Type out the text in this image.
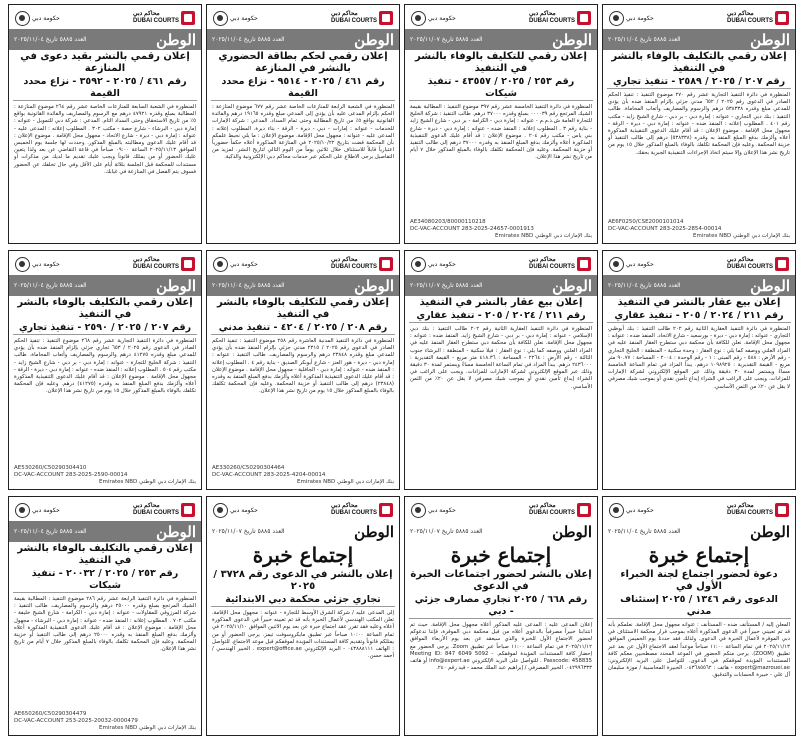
محاكم دبي
DUBAI COURTS
حكومة دبي
الوطن
العدد ٥٨٨٥ تاريخ ٢٠٢٥/١١/٠٤
إعلان رقمي بالتكليف بالوفاء بالنشر في التنفيذ
رقم ٢٠٧ / ٢٠٢٥ / ٢٥٨٩ - تنفيذ تجاري
المنظورة في دائرة التنفيذ التجارية عشر رقم ٢٧٠ موضوع التنفيذ : تنفيذ الحكم الصادر في الدعوى رقم ٢٠٢٥ / ٦٥٢ مدني جزئي بإلزام المنفذ ضده بأن يؤدي للمدعي مبلغ وقدره ٥٣٨٣٣٨ درهم والرسوم والمصاريف وأتعاب المحاماة. طالب التنفيذ : بنك دبي التجاري - عنوانه : إمارة دبي - بر دبي - شارع الشيخ زايد - مكتب رقم ٤٠١ . المطلوب إعلانه : المنفذ ضده - عنوانه : إمارة دبي - ديرة - الرقة - مجهول محل الإقامة . موضوع الإعلان : قد أقام عليك الدعوى التنفيذية المذكورة أعلاه وألزمك بدفع المبلغ المنفذ به وقدره (٥٣٨٣٣٨) درهم إلى طالب التنفيذ أو خزينة المحكمة. وعليه فإن المحكمة تكلفك بالوفاء بالمبلغ المذكور خلال ١٥ يوم من تاريخ نشر هذا الإعلان وإلا سيتم اتخاذ الإجراءات التنفيذية الجبرية بحقك.
AE6F0250/CSE2000101014
DC-VAC-ACCOUNT 283-2025-2854-00014
بنك الإمارات دبي الوطني Emirates NBD
محاكم دبي
DUBAI COURTS
حكومة دبي
الوطن
العدد ٥٨٨٥ تاريخ ٢٠٢٥/١١/٠٧
إعلان رقمي للتكليف بالوفاء بالنشر في التنفيذ
رقم ٢٥٣ / ٢٠٢٥ / ٤٣٥٥٧ - تنفيذ شيكات
المنظورة في دائرة التنفيذ الخامسة عشر رقم ٣٩٧ موضوع التنفيذ : المطالبة بقيمة الشيك المرتجع رقم ٠٠٠٠٣٩ بمبلغ وقدره ٣٧٠٠٠ درهم. طالب التنفيذ : شركة الخليج للتجارة العامة ش.ذ.م.م - عنوانه : إمارة دبي - الكرامة - بر دبي - شارع الشيخ زايد - بناية رقم ٣ . المطلوب إعلانه : المنفذ ضده - عنوانه : إمارة دبي - ديرة - شارع بني ياس - مكتب رقم ٢٠٤ . موضوع الإعلان : قد أقام عليك الدعوى التنفيذية المذكورة أعلاه وألزمك بدفع المبلغ المنفذ به وقدره ٣٧٠٠٠ درهم إلى طالب التنفيذ أو خزينة المحكمة. وعليه فإن المحكمة تكلفك بالوفاء بالمبلغ المذكور خلال ٧ أيام من تاريخ نشر هذا الإعلان.
AE34080203/80000110218
DC-VAC-ACCOUNT 283-2025-24657-0001913
بنك الإمارات دبي الوطني Emirates NBD
محاكم دبي
DUBAI COURTS
حكومة دبي
الوطن
العدد ٥٨٨٥ تاريخ ٢٠٢٥/١١/٠٤
إعلان رقمي لحكم بطاقة الحضوري بالنشر في المنازعة
رقم ٤٦١ / ٢٠٢٥ - ٩٥١٤ - نزاع محدد القيمة
المنظورة في الشعبة الرابعة للمنازعات الخاصة عشر رقم ٦٧٧ موضوع المنازعة : الحكم بإلزام المدعى عليه بأن يؤدي إلى المدعي مبلغ وقدره ١٩١٦٥ درهم والفائدة القانونية بواقع ٥٪ من تاريخ المطالبة وحتى تمام السداد. المدعي : شركة الإمارات للخدمات - عنوانه : إمارات - دبي - ديرة - الرقة - بناء ديرة. المطلوب إعلانه : المدعى عليه - عنوانه : مجهول محل الإقامة. موضوع الإعلان : ما يلي نحيط علمكم بأن المحكمة قضت بتاريخ ٢٠٢٥/١٠/٢٢ في المنازعة المذكورة أعلاه حكماً حضورياً اعتبارياً قابلاً للاستئناف خلال ثلاثين يوماً من اليوم التالي لتاريخ النشر. لمزيد من التفاصيل يرجى الاطلاع على الحكم عبر خدمات محاكم دبي الإلكترونية والذكية.
محاكم دبي
DUBAI COURTS
حكومة دبي
الوطن
العدد ٥٨٨٥ تاريخ ٢٠٢٥/١١/٠٤
إعلان رقمي بالنشر بقيد دعوى في المنازعة
رقم ٤٦١ / ٢٠٢٥ - ٣٥٩٢ - نزاع محدد القيمة
المنظورة في الشعبة السابعة للمنازعات الخاصة عشر رقم ٢٦٤ موضوع المنازعة : المطالبة بمبلغ وقدره ٤٧٩٢١ درهم مع الرسوم والمصاريف والفائدة القانونية بواقع ٥٪ من تاريخ الاستحقاق وحتى السداد التام. المدعي : شركة دبي للتمويل - عنوانه : إمارة دبي - البرشاء - شارع حصة - مكتب ٣٠٢ . المطلوب إعلانه : المدعى عليه - عنوانه : إمارة دبي - ديرة - شارع الاتحاد - مجهول محل الإقامة . موضوع الإعلان : قد أقام عليك الدعوى ومطالبته بالمبلغ المذكور. وحددت لها جلسة يوم الخميس الموافق ٢٠٢٥/١١/١٣ الساعة ٠٩:٠٠ صباحاً في قاعة التقاضي عن بعد ولذا يتعين عليك الحضور أو من يمثلك قانوناً ويجب عليك تقديم ما لديك من مذكرات أو مستندات للمحكمة قبل الجلسة بثلاثة أيام على الأقل وفي حال تخلفك عن الحضور فسوف يتم الفصل في المنازعة في غيابك.
محاكم دبي
DUBAI COURTS
حكومة دبي
الوطن
العدد ٥٨٨٥ تاريخ ٢٠٢٥/١١/٠٤
إعلان بيع عقار بالنشر في التنفيذ
رقم ٢١١ / ٢٠٢٤ / ٢٠٥ - تنفيذ عقاري
المنظورة في دائرة التنفيذ العقارية الثانية رقم ٢٠٢ طالب التنفيذ : بنك أبوظبي التجاري - عنوانه : إمارة دبي - ديرة - بورسعيد - شارع الاتحاد. المنفذ ضده : عنوانه : مجهول محل الإقامة. نعلن للكافة بأن محكمة دبي ستطرح العقار المنفذ عليه في المزاد العلني ووصفه كما يلي : نوع العقار : وحدة سكنية - المنطقة : الخليج التجاري - رقم الأرض : ٥٨٨ - رقم المبنى : ١ - رقم الوحدة : ٢٠٠٤ - المساحة : ٩٠.٧٧ متر مربع - القيمة التقديرية : ١٠٩٨٩٢٥ درهم. يبدأ المزاد في تمام الساعة الخامسة مساءً ويستمر لمدة ٣٠ دقيقة وذلك عبر الموقع الإلكتروني لشركة الإمارات للمزادات. ويجب على الراغب في الشراء إيداع تأمين نقدي أو بموجب شيك مصرفي لا يقل عن ٢٠٪ من الثمن الأساسي.
محاكم دبي
DUBAI COURTS
حكومة دبي
الوطن
العدد ٥٨٨٥ تاريخ ٢٠٢٥/١١/٠٧
إعلان بيع عقار بالنشر في التنفيذ
رقم ٢١١ / ٢٠٢٤ / ٢٠٥ - تنفيذ عقاري
المنظورة في دائرة التنفيذ العقارية الثانية رقم ٢٠٢ طالب التنفيذ : بنك دبي الإسلامي - عنوانه : إمارة دبي - بر دبي - شارع الشيخ زايد. المنفذ ضده : عنوانه : مجهول محل الإقامة. نعلن للكافة بأن محكمة دبي ستطرح العقار المنفذ عليه في المزاد العلني ووصفه كما يلي : نوع العقار : فيلا سكنية - المنطقة : البرشاء جنوب الثالثة - رقم الأرض : ٢٢٦٤ - المساحة : ٤١٨.٣٦ متر مربع - القيمة التقديرية : ٢٤٣٦٠٠٠ درهم. يبدأ المزاد في تمام الساعة الخامسة مساءً ويستمر لمدة ٣٠ دقيقة وذلك عبر الموقع الإلكتروني لشركة الإمارات للمزادات. ويجب على الراغب في الشراء إيداع تأمين نقدي أو بموجب شيك مصرفي لا يقل عن ٢٠٪ من الثمن الأساسي.
محاكم دبي
DUBAI COURTS
حكومة دبي
الوطن
العدد ٥٨٨٥ تاريخ ٢٠٢٥/١١/٠٤
إعلان رقمي للتكليف بالوفاء بالنشر في التنفيذ
رقم ٢٠٨ / ٢٠٢٥ / ٤٢٠٤ - تنفيذ مدني
المنظورة في دائرة التنفيذ المدنية العاشرة رقم ٢٥٨ موضوع التنفيذ : تنفيذ الحكم الصادر في الدعوى رقم ٢٠٢٥ / ٢٣١٥ مدني جزئي بإلزام المنفذ ضده بأن يؤدي للمدعي مبلغ وقدره ٢٣٨٤٨ درهم والرسوم والمصاريف. طالب التنفيذ : عنوانه : إمارة دبي - ديرة - هور العنز - شارع أبوبكر الصديق - بناية رقم ٤ . المطلوب إعلانه : المنفذ ضده - عنوانه : إمارة دبي - الجافلية - مجهول محل الإقامة . موضوع الإعلان : قد أقام عليك الدعوى التنفيذية المذكورة أعلاه وألزمك بدفع المبلغ المنفذ به وقدره (٢٣٨٤٨) درهم إلى طالب التنفيذ أو خزينة المحكمة. وعليه فإن المحكمة تكلفك بالوفاء بالمبلغ المذكور خلال ١٥ يوم من تاريخ نشر هذا الإعلان.
AE330260/C50290304464
DC-VAC-ACCOUNT 283-2025-4204-00014
بنك الإمارات دبي الوطني Emirates NBD
محاكم دبي
DUBAI COURTS
حكومة دبي
الوطن
العدد ٥٨٨٥ تاريخ ٢٠٢٥/١١/٠٤
إعلان رقمي بالتكليف بالوفاء بالنشر في التنفيذ
رقم ٢٠٧ / ٢٠٢٥ / ٢٥٩٠ - تنفيذ تجاري
المنظورة في دائرة التنفيذ التجارية عشر رقم ٢٦٨ موضوع التنفيذ : تنفيذ الحكم الصادر في الدعوى رقم ٢٠٢٥ / ٦٥٣ تجاري جزئي بإلزام المنفذ ضده بأن يؤدي للمدعي مبلغ وقدره ٤١٢٧٥ درهم والرسوم والمصاريف وأتعاب المحاماة. طالب التنفيذ : شركة الخليج للتجارة - عنوانه : إمارة دبي - بر دبي - شارع الشيخ زايد - مكتب رقم ٥٠٤ . المطلوب إعلانه : المنفذ ضده - عنوانه : إمارة دبي - ديرة - الرقة - مجهول محل الإقامة . موضوع الإعلان : قد أقام عليك الدعوى التنفيذية المذكورة أعلاه وألزمك بدفع المبلغ المنفذ به وقدره (٤١٢٧٥) درهم. وعليه فإن المحكمة تكلفك بالوفاء بالمبلغ المذكور خلال ١٥ يوم من تاريخ نشر هذا الإعلان.
AE530260/C50290304410
DC-VAC-ACCOUNT 283-2025-2590-00014
بنك الإمارات دبي الوطني Emirates NBD
محاكم دبي
DUBAI COURTS
حكومة دبي
الوطن
العدد ٥٨٨٥ تاريخ ٢٠٢٥/١١/٠٤
إجتماع خبرة
دعوة لحضور اجتماع لجنة الخبراء الأول في
الدعوى رقم ١٣٤٦ / ٢٠٢٥ إستئناف مدني
المعلن إليه / المستأنف ضده - المستأنف : عنوانه مجهول محل الإقامة. نعلمكم بأنه قد تم تعييني خبيراً في الدعوى المذكورة أعلاه بموجب قرار محكمة الاستئناف في دبي الموقرة لأعمال الخبرة في الدعوى. ولذلك فقد حددنا يوم الخميس الموافق ٢٠٢٥/١١/١٣ في تمام الساعة ١١:٠٠ صباحاً موعداً لعقد الاجتماع الأول عن بعد عبر تطبيق (ZOOM). يرجى منكم الحضور في الموعد المحدد مصطحبين معكم كافة المستندات المؤيدة لموقفكم في الدعوى. للتواصل على البريد الإلكتروني: expert@mazrouei.ae - هاتف : ٠٤٣٦٨٥٥٦٢. الخبيرة المحاسبية / موزة سليمان آل علي - خبيرة الحسابات والتدقيق.
محاكم دبي
DUBAI COURTS
حكومة دبي
الوطن
العدد ٥٨٨٥ تاريخ ٢٠٢٥/١١/٠٧
إجتماع خبرة
إعلان بالنشر لحضور اجتماعات الخبرة في الدعوى
رقم ٦٦٨ / ٢٠٢٥ تجاري مصارف جزئي - دبي
إعلان المدعى عليه : المدعى عليه المذكور أعلاه مجهول محل الإقامة. حيث تم انتدابنا خبيراً مصرفياً بالدعوى أعلاه من قبل محكمة دبي الموقرة، فإننا ندعوكم لحضور الاجتماع الأول للخبرة والذي سيعقد عن بعد يوم الأربعاء الموافق ٢٠٢٥/١١/١٢ في تمام الساعة ١١:٠٠ صباحاً عبر تطبيق Zoom. يرجى الحضور مع إحضار كافة المستندات المؤيدة لموقفكم. Meeting ID: 847 6049 5092 - Passcode: 458835 . للتواصل على البريد الإلكتروني info@expert.ae أو هاتف ٠٤٢٩٩٦٣٣٣. الخبير المصرفي / إبراهيم عبد الملك محمد - قيد رقم ٢٤٠.
محاكم دبي
DUBAI COURTS
حكومة دبي
الوطن
العدد ٥٨٨٥ تاريخ ٢٠٢٥/١١/٠٧
إجتماع خبرة
إعلان بالنشر في الدعوى رقم ٣٧٢٨ / ٢٠٢٥
تجاري جزئي محكمة دبي الابتدائية
إلى المدعى عليه / شركة الشرق الأوسط للتجارة - عنوانه : مجهول محل الإقامة. تعلن المكتب الهندسي لأعمال الخبرة بأنه قد تم تعيينه خبيراً في الدعوى المذكورة أعلاه وعليه فقد تقرر عقد اجتماع خبرة عن بعد يوم الاثنين الموافق ٢٠٢٥/١١/١٠ في تمام الساعة ١٠:٠٠ صباحاً عبر تطبيق مايكروسوفت تيمز. يرجى الحضور أو من يمثلكم قانوناً وتقديم كافة المستندات المؤيدة لموقفكم قبل موعد الاجتماع. للتواصل : الهاتف ٠٤٣٨٨٨١١١ - البريد الإلكتروني expert@office.ae . الخبير الهندسي / أحمد حسن.
محاكم دبي
DUBAI COURTS
حكومة دبي
الوطن
العدد ٥٨٨٥ تاريخ ٢٠٢٥/١١/٠٤
إعلان رقمي بالتكليف بالوفاء بالنشر في التنفيذ
رقم ٢٥٣ / ٢٠٢٥ / ٢٠٠٣٢ - تنفيذ شيكات
المنظورة في دائرة التنفيذ الرابعة عشر رقم ٢٨٦ موضوع التنفيذ : المطالبة بقيمة الشيك المرتجع بمبلغ وقدره ٢٥٠٠٠ درهم والرسوم والمصاريف. طالب التنفيذ : شركة المرزوقي للمقاولات - عنوانه : إمارة دبي - الكرامة - شارع الشيخ خليفة - مكتب ٧٠٢ . المطلوب إعلانه : المنفذ ضده - عنوانه : إمارة دبي - البرشاء - مجهول محل الإقامة . موضوع الإعلان : قد أقام عليك الدعوى التنفيذية المذكورة أعلاه وألزمك بدفع المبلغ المنفذ به وقدره ٢٥٠٠٠ درهم إلى طالب التنفيذ أو خزينة المحكمة. وعليه فإن المحكمة تكلفك بالوفاء بالمبلغ المذكور خلال ٧ أيام من تاريخ نشر هذا الإعلان.
AE650260/C50290304479
DC-VAC-ACCOUNT 253-2025-20032-0000479
بنك الإمارات دبي الوطني Emirates NBD
